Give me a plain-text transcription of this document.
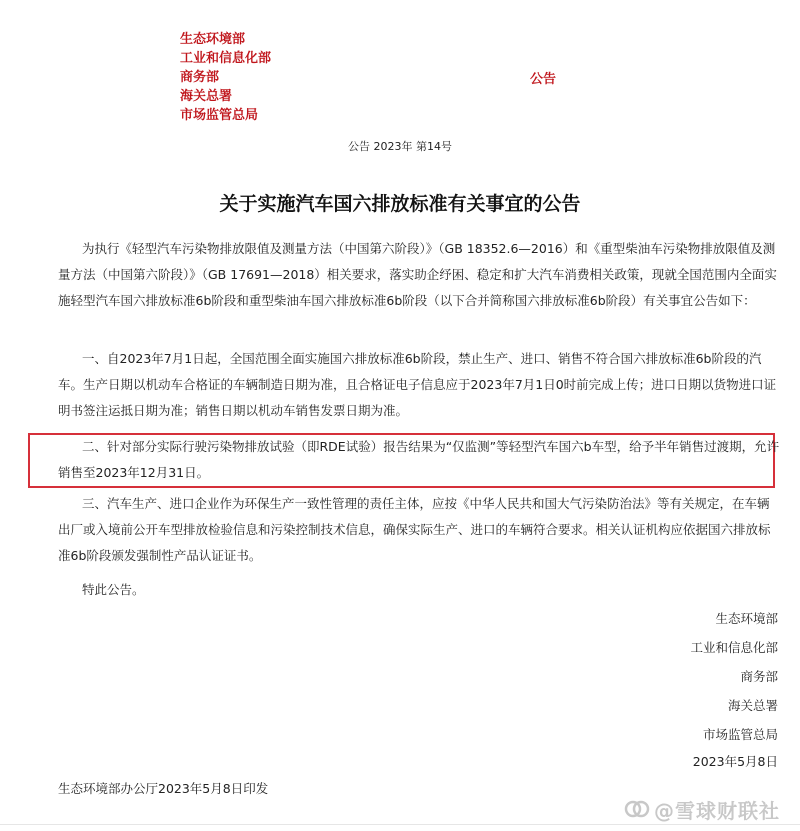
生态环境部
工业和信息化部
商务部
海关总署
市场监管总局
公告
公告 2023年 第14号
关于实施汽车国六排放标准有关事宜的公告
为执行《轻型汽车污染物排放限值及测量方法（中国第六阶段）》（GB 18352.6—2016）和《重型柴油车污染物排放限值及测量方法（中国第六阶段）》（GB 17691—2018）相关要求，落实助企纾困、稳定和扩大汽车消费相关政策，现就全国范围内全面实施轻型汽车国六排放标准6b阶段和重型柴油车国六排放标准6b阶段（以下合并简称国六排放标准6b阶段）有关事宜公告如下：
一、自2023年7月1日起，全国范围全面实施国六排放标准6b阶段，禁止生产、进口、销售不符合国六排放标准6b阶段的汽车。生产日期以机动车合格证的车辆制造日期为准，且合格证电子信息应于2023年7月1日0时前完成上传；进口日期以货物进口证明书签注运抵日期为准；销售日期以机动车销售发票日期为准。
二、针对部分实际行驶污染物排放试验（即RDE试验）报告结果为“仅监测”等轻型汽车国六b车型，给予半年销售过渡期，允许销售至2023年12月31日。
三、汽车生产、进口企业作为环保生产一致性管理的责任主体，应按《中华人民共和国大气污染防治法》等有关规定，在车辆出厂或入境前公开车型排放检验信息和污染控制技术信息，确保实际生产、进口的车辆符合要求。相关认证机构应依据国六排放标准6b阶段颁发强制性产品认证证书。
特此公告。
生态环境部
工业和信息化部
商务部
海关总署
市场监管总局
2023年5月8日
生态环境部办公厅2023年5月8日印发
@雪球财联社
